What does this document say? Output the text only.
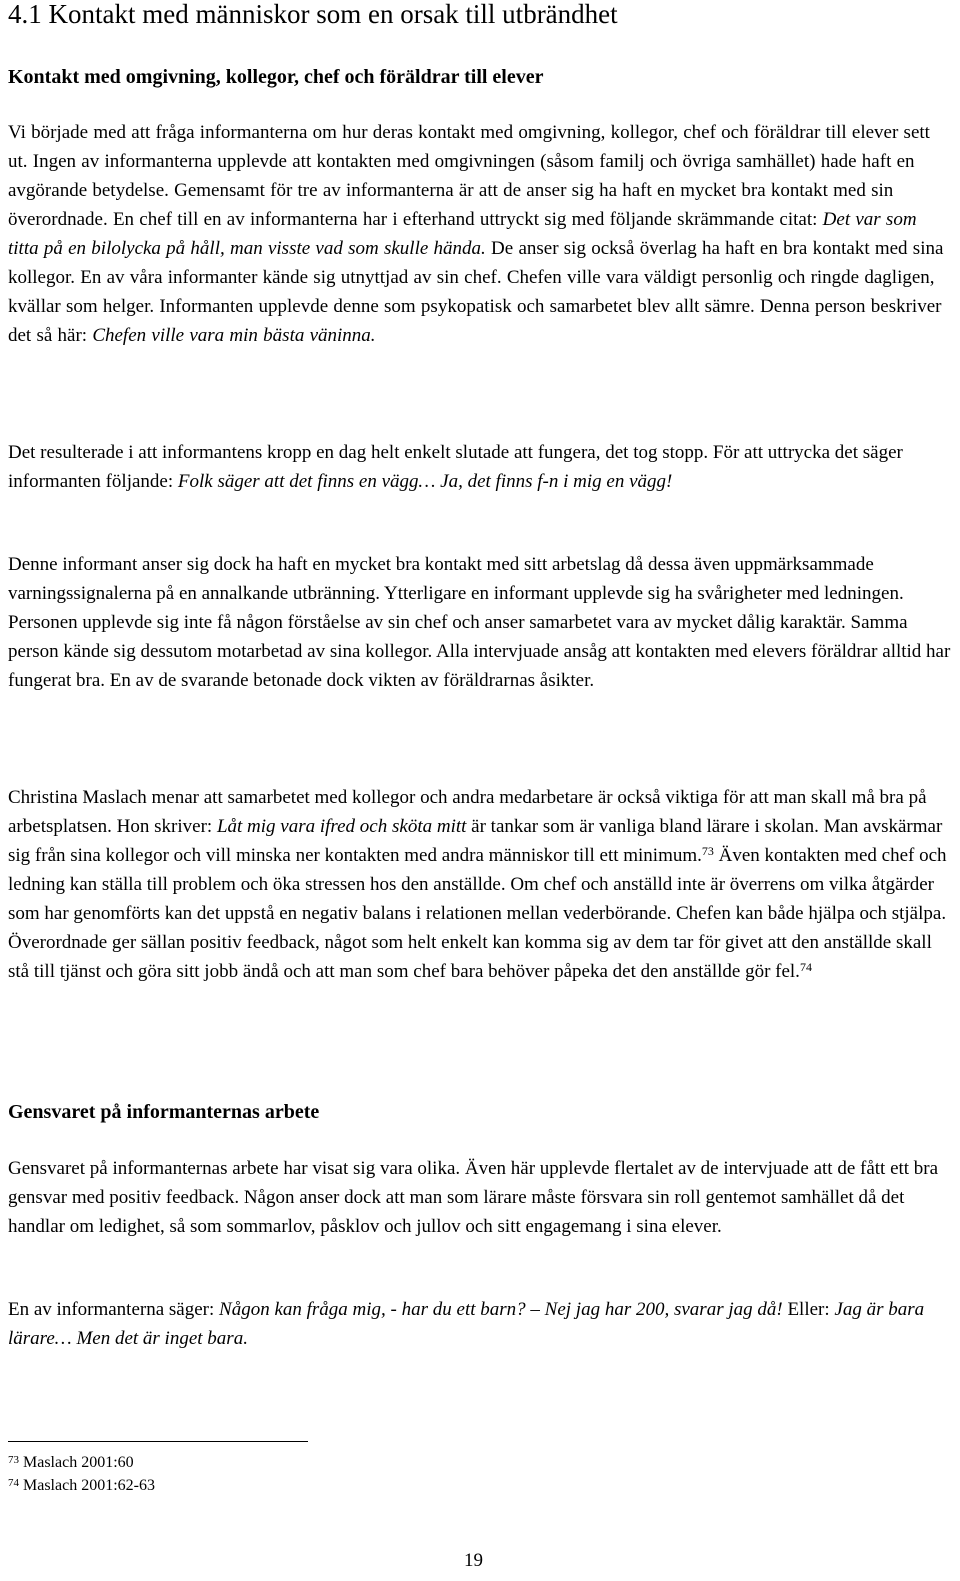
4.1 Kontakt med människor som en orsak till utbrändhet
Kontakt med omgivning, kollegor, chef och föräldrar till elever

Vi började med att fråga informanterna om hur deras kontakt med omgivning, kollegor, chef och föräldrar till elever sett ut. Ingen av informanterna upplevde att kontakten med omgivningen (såsom familj och övriga samhället) hade haft en avgörande betydelse. Gemensamt för tre av informanterna är att de anser sig ha haft en mycket bra kontakt med sin överordnade. En chef till en av informanterna har i efterhand uttryckt sig med följande skrämmande citat: Det var som titta på en bilolycka på håll, man visste vad som skulle hända. De anser sig också överlag ha haft en bra kontakt med sina kollegor. En av våra informanter kände sig utnyttjad av sin chef. Chefen ville vara väldigt personlig och ringde dagligen, kvällar som helger. Informanten upplevde denne som psykopatisk och samarbetet blev allt sämre. Denna person beskriver det så här: Chefen ville vara min bästa väninna.

Det resulterade i att informantens kropp en dag helt enkelt slutade att fungera, det tog stopp. För att uttrycka det säger informanten följande: Folk säger att det finns en vägg… Ja, det finns f-n i mig en vägg!

Denne informant anser sig dock ha haft en mycket bra kontakt med sitt arbetslag då dessa även uppmärksammade varningssignalerna på en annalkande utbränning. Ytterligare en informant upplevde sig ha svårigheter med ledningen. Personen upplevde sig inte få någon förståelse av sin chef och anser samarbetet vara av mycket dålig karaktär. Samma person kände sig dessutom motarbetad av sina kollegor. Alla intervjuade ansåg att kontakten med elevers föräldrar alltid har fungerat bra. En av de svarande betonade dock vikten av föräldrarnas åsikter.

Christina Maslach menar att samarbetet med kollegor och andra medarbetare är också viktiga för att man skall må bra på arbetsplatsen. Hon skriver: Låt mig vara ifred och sköta mitt är tankar som är vanliga bland lärare i skolan. Man avskärmar sig från sina kollegor och vill minska ner kontakten med andra människor till ett minimum.$^{73}$ Även kontakten med chef och ledning kan ställa till problem och öka stressen hos den anställde. Om chef och anställd inte är överrens om vilka åtgärder som har genomförts kan det uppstå en negativ balans i relationen mellan vederbörande. Chefen kan både hjälpa och stjälpa. Överordnade ger sällan positiv feedback, något som helt enkelt kan komma sig av dem tar för givet att den anställde skall stå till tjänst och göra sitt jobb ändå och att man som chef bara behöver påpeka det den anställde gör fel.$^{74}$

Gensvaret på informanternas arbete

Gensvaret på informanternas arbete har visat sig vara olika. Även här upplevde flertalet av de intervjuade att de fått ett bra gensvar med positiv feedback. Någon anser dock att man som lärare måste försvara sin roll gentemot samhället då det handlar om ledighet, så som sommarlov, påsklov och jullov och sitt engagemang i sina elever.

En av informanterna säger: Någon kan fråga mig, - har du ett barn? – Nej jag har 200, svarar jag då! Eller: Jag är bara lärare… Men det är inget bara.

$^{73}$ Maslach 2001:60
$^{74}$ Maslach 2001:62-63
19
